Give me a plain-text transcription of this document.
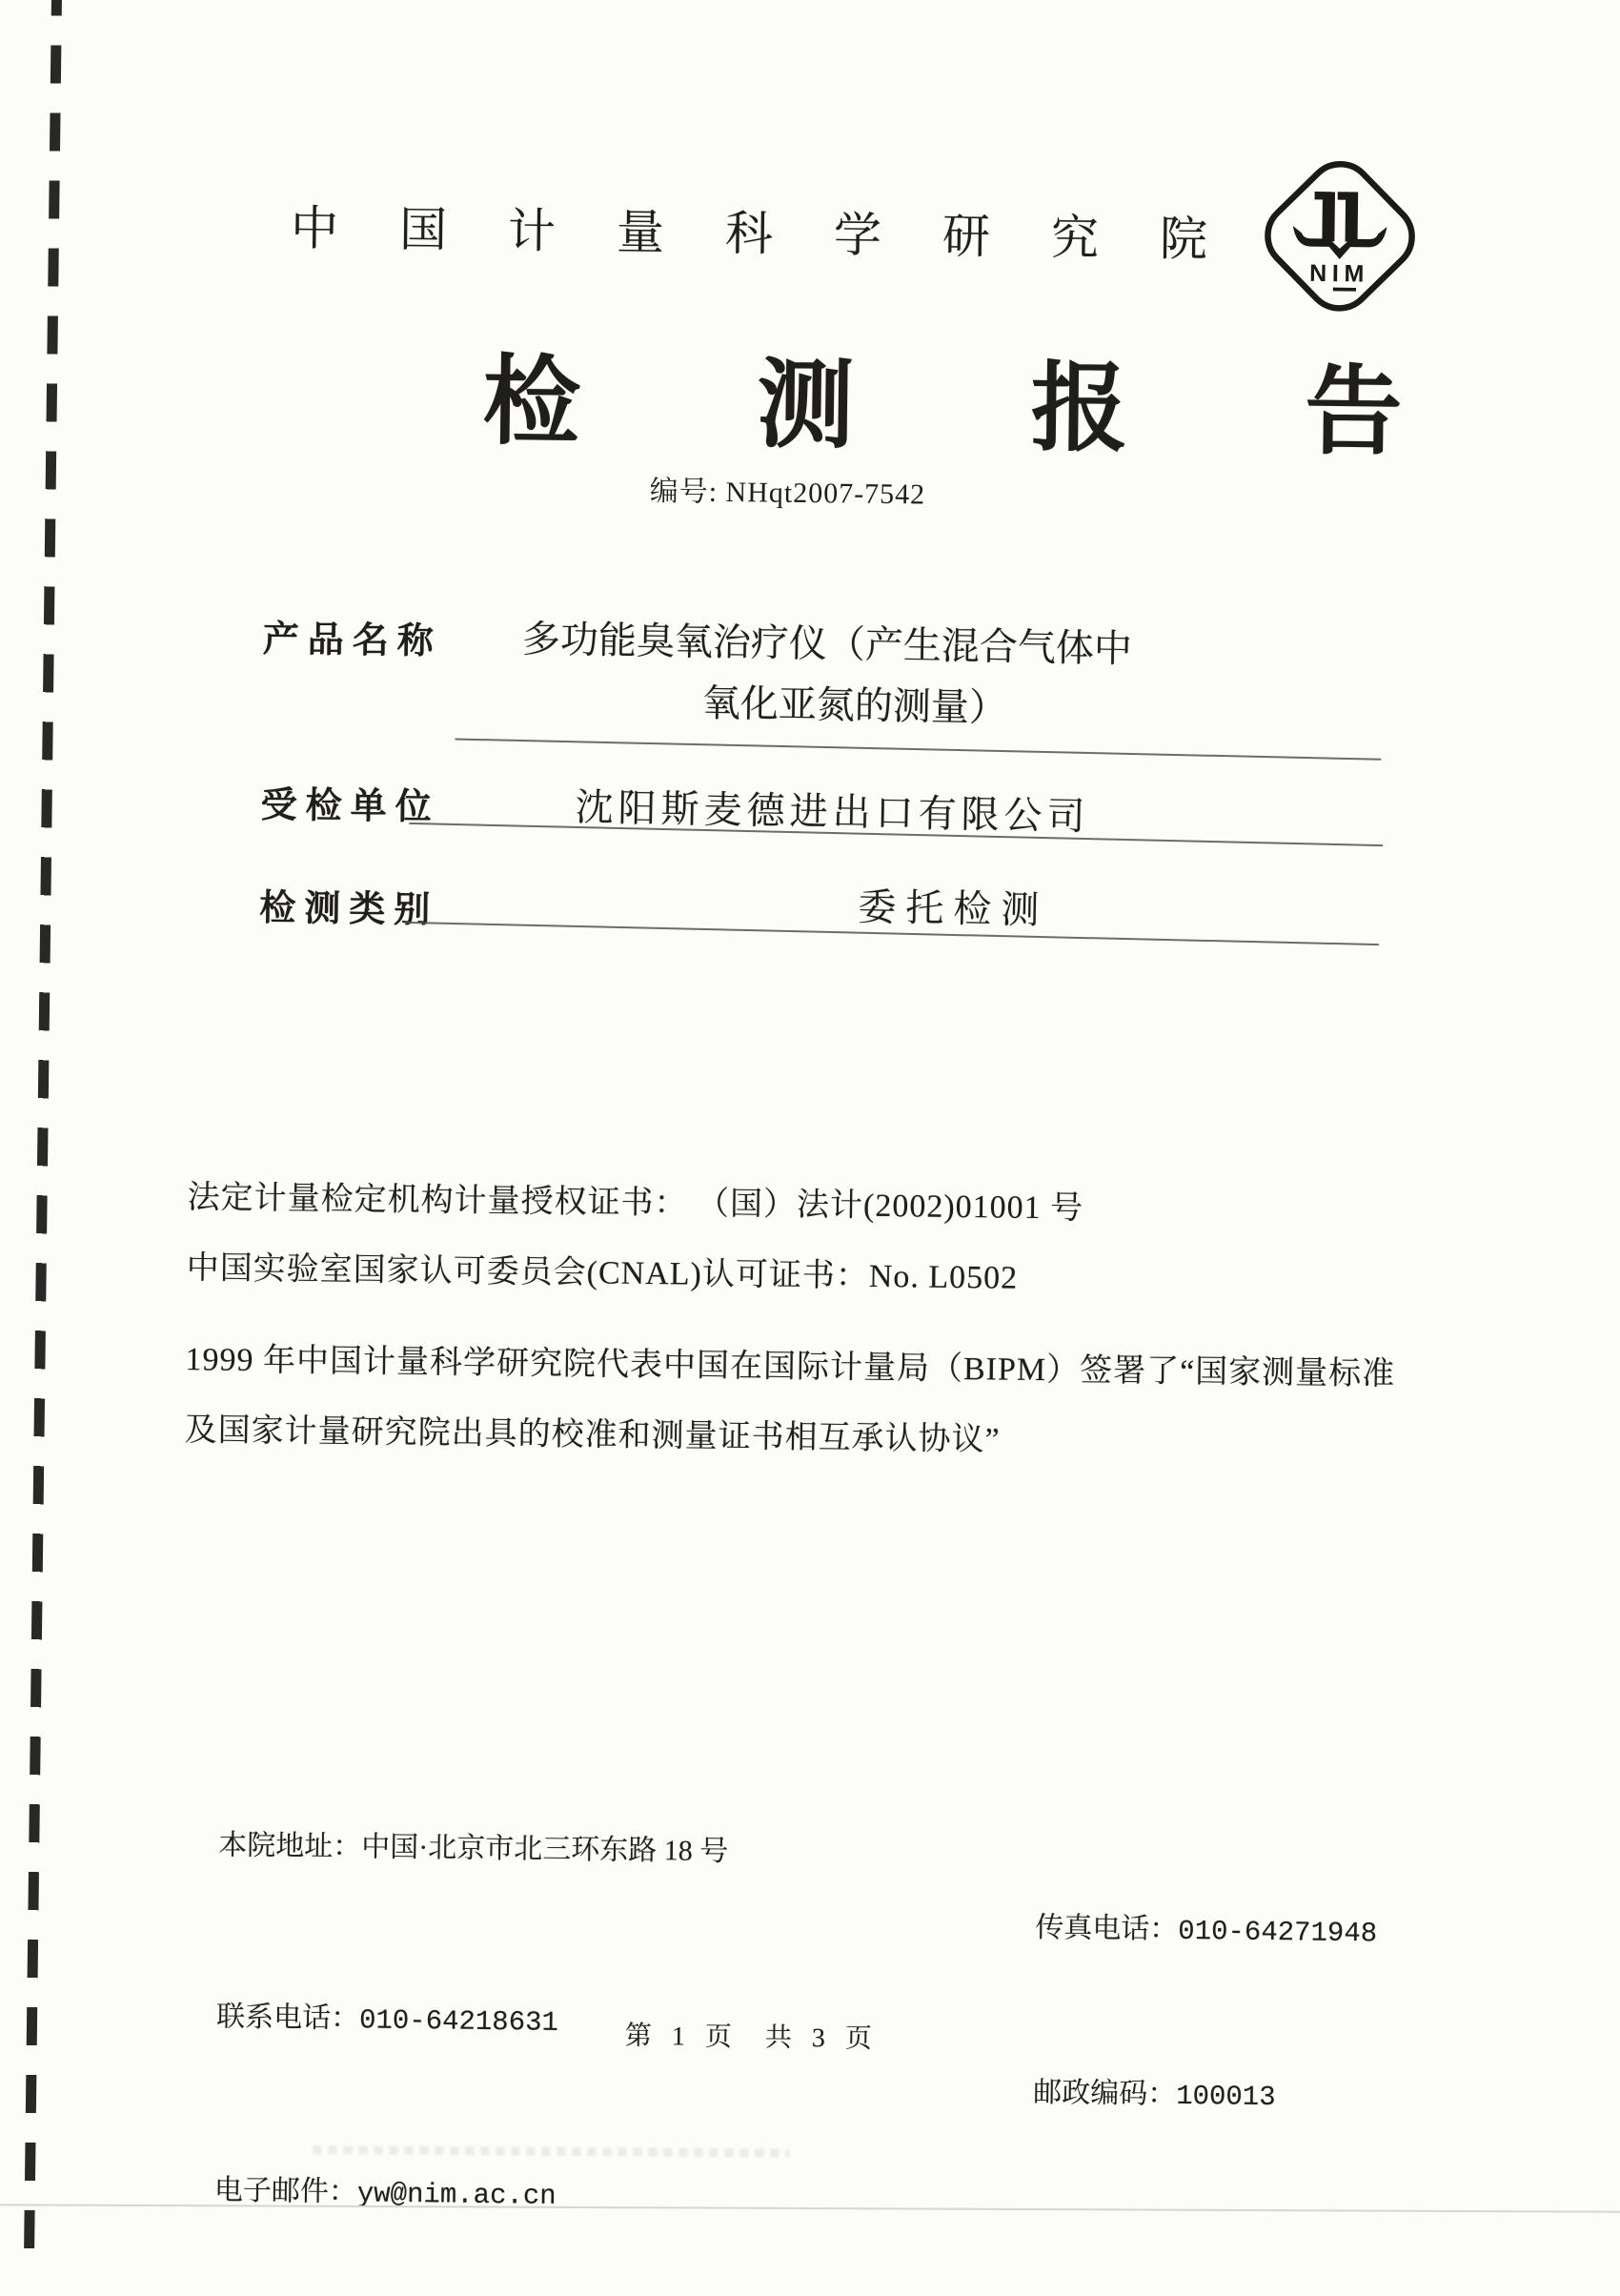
中国计量科学研究院
NIM
检 测 报 告
编号: NHqt2007-7542
产品名称 多功能臭氧治疗仪（产生混合气体中
氧化亚氮的测量）
受检单位	沈阳斯麦德进出口有限公司
检测类别	委托检测
法定计量检定机构计量授权证书： （国）法计(2002)01001 号
中国实验室国家认可委员会(CNAL)认可证书：No. L0502
1999 年中国计量科学研究院代表中国在国际计量局（BIPM）签署了“国家测量标准
及国家计量研究院出具的校准和测量证书相互承认协议”

本院地址：中国·北京市北三环东路 18 号

联系电话：010-64218631

电子邮件：yw@nim.ac.cn

传真电话：010-64271948

邮政编码：100013

第 1 页  共 3 页
